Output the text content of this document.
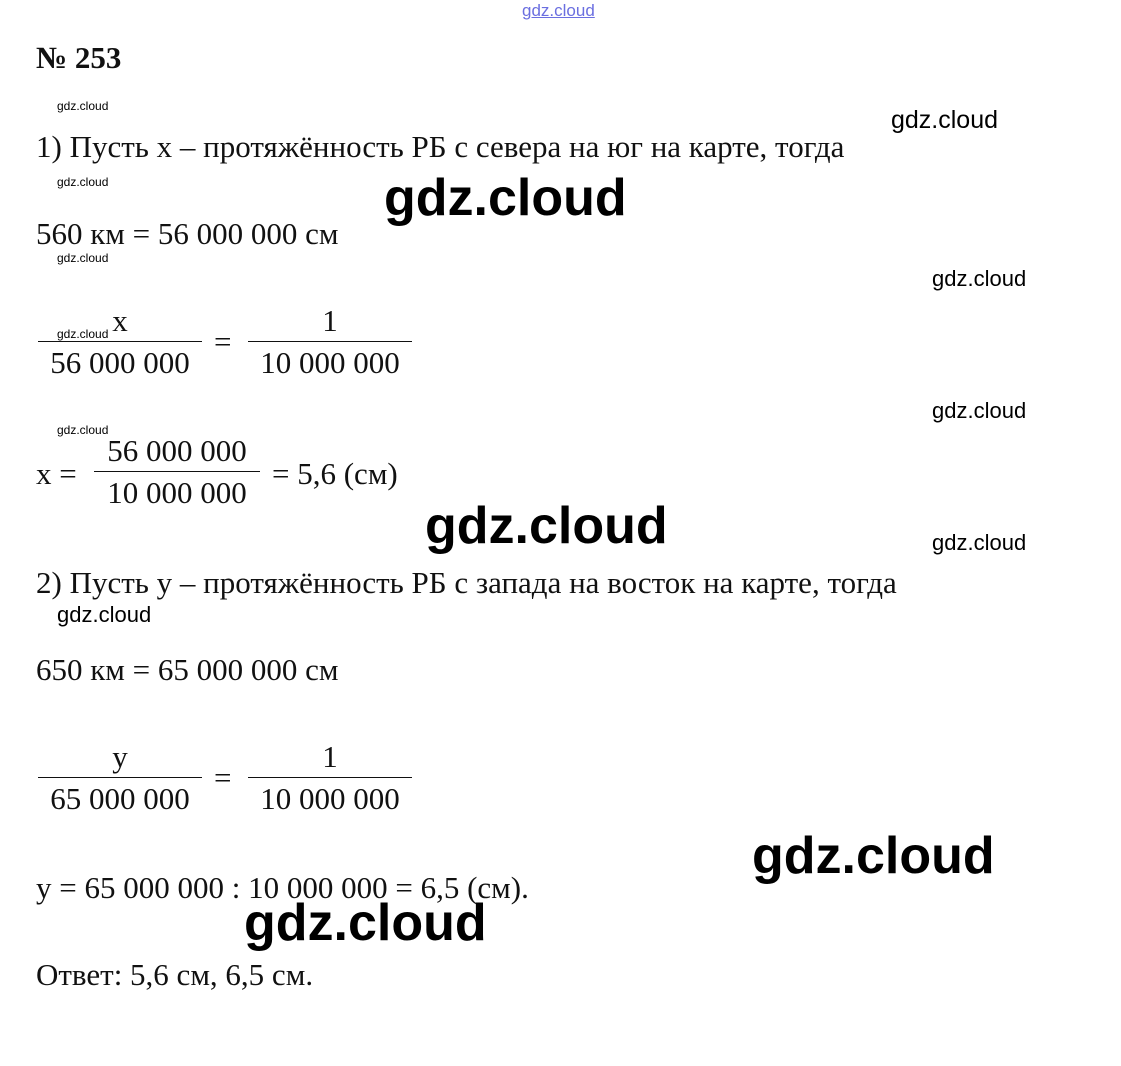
gdz.cloud
№ 253
1) Пусть x – протяжённость РБ с севера на юг на карте, тогда
560 км = 56 000 000 см
x
56 000 000
=
1
10 000 000
x =
56 000 000
10 000 000
= 5,6 (см)
2) Пусть y – протяжённость РБ с запада на восток на карте, тогда
650 км = 65 000 000 см
y
65 000 000
=
1
10 000 000
y = 65 000 000 : 10 000 000 = 6,5 (см).
Ответ: 5,6 см, 6,5 см.
gdz.cloud
gdz.cloud
gdz.cloud
gdz.cloud
gdz.cloud
gdz.cloud
gdz.cloud
gdz.cloud
gdz.cloud
gdz.cloud
gdz.cloud
gdz.cloud
gdz.cloud
gdz.cloud
